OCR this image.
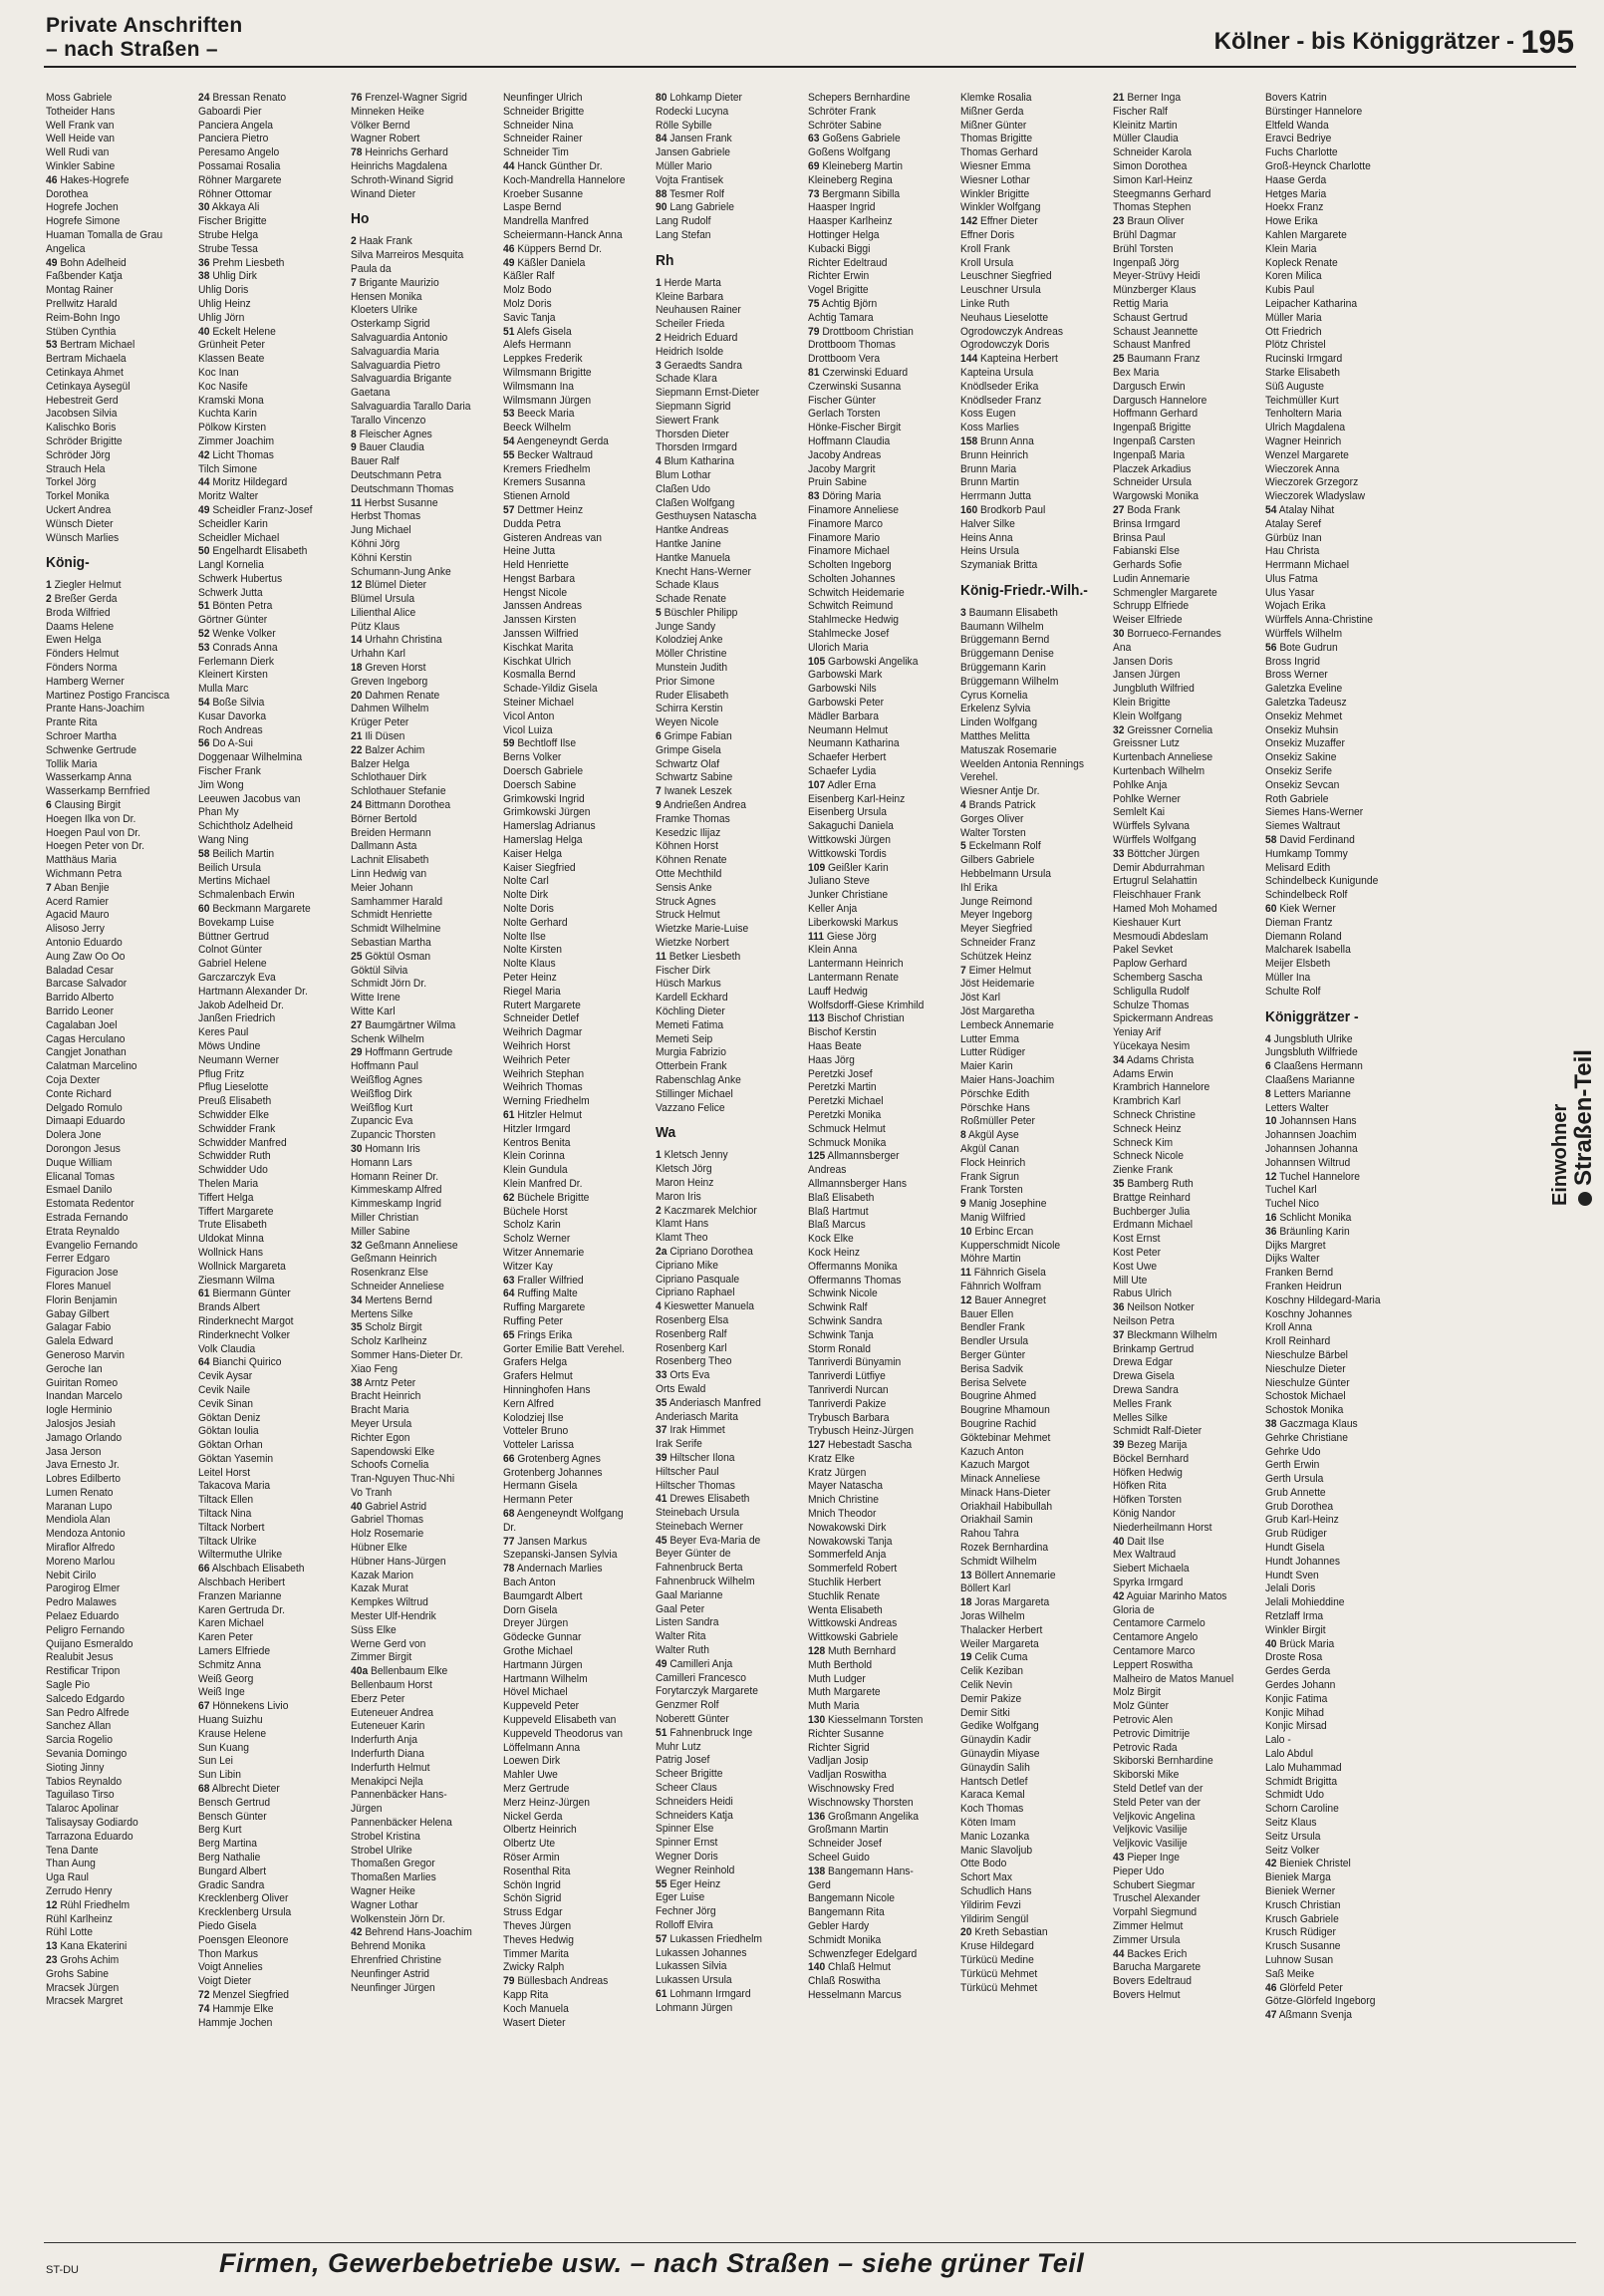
Private Anschriften
– nach Straßen –	Kölner - bis Königgrätzer - 195
Moss Gabriele
Totheider Hans
Well Frank van
Well Heide van
Well Rudi van
Winkler Sabine
46 Hakes-Hogrefe
Dorothea
Hogrefe Jochen
Hogrefe Simone
Huaman Tomalla de Grau
Angelica
49 Bohn Adelheid
Faßbender Katja
Montag Rainer
Prellwitz Harald
Reim-Bohn Ingo
Stüben Cynthia
53 Bertram Michael
Bertram Michaela
Cetinkaya Ahmet
Cetinkaya Aysegül
Hebestreit Gerd
Jacobsen Silvia
Kalischko Boris
Schröder Brigitte
Schröder Jörg
Strauch Hela
Torkel Jörg
Torkel Monika
Uckert Andrea
Wünsch Dieter
Wünsch Marlies
König-
1 Ziegler Helmut
2 Breßer Gerda
Broda Wilfried
Daams Helene
Ewen Helga
Fönders Helmut
Fönders Norma
Hamberg Werner
Martinez Postigo Francisca
Prante Hans-Joachim
Prante Rita
Schroer Martha
Schwenke Gertrude
Tollik Maria
Wasserkamp Anna
Wasserkamp Bernfried
6 Clausing Birgit
Hoegen Ilka von Dr.
Hoegen Paul von Dr.
Hoegen Peter von Dr.
Matthäus Maria
Wichmann Petra
7 Aban Benjie
Acerd Ramier
Agacid Mauro
Alisoso Jerry
Antonio Eduardo
Aung Zaw Oo Oo
Baladad Cesar
Barcase Salvador
Barrido Alberto
Barrido Leoner
Cagalaban Joel
Cagas Herculano
Cangjet Jonathan
Calatman Marcelino
Coja Dexter
Conte Richard
Delgado Romulo
Dimaapi Eduardo
Dolera Jone
Dorongon Jesus
Duque William
Elicanal Tomas
Esmael Danilo
Estomata Redentor
Estrada Fernando
Etrata Reynaldo
Evangelio Fernando
Ferrer Edgaro
Figuracion Jose
Flores Manuel
Florin Benjamin
Gabay Gilbert
Galagar Fabio
Galela Edward
Generoso Marvin
Geroche Ian
Guiritan Romeo
Inandan Marcelo
Iogle Herminio
Jalosjos Jesiah
Jamago Orlando
Jasa Jerson
Java Ernesto Jr.
Lobres Edilberto
Lumen Renato
Maranan Lupo
Mendiola Alan
Mendoza Antonio
Miraflor Alfredo
Moreno Marlou
Nebit Cirilo
Parogirog Elmer
Pedro Malawes
Pelaez Eduardo
Peligro Fernando
Quijano Esmeraldo
Realubit Jesus
Restificar Tripon
Sagle Pio
Salcedo Edgardo
San Pedro Alfrede
Sanchez Allan
Sarcia Rogelio
Sevania Domingo
Sioting Jinny
Tabios Reynaldo
Taguilaso Tirso
Talaroc Apolinar
Talisaysay Godiardo
Tarrazona Eduardo
Tena Dante
Than Aung
Uga Raul
Zerrudo Henry
12 Rühl Friedhelm
Rühl Karlheinz
Rühl Lotte
13 Kana Ekaterini
23 Grohs Achim
Grohs Sabine
Mracsek Jürgen
Mracsek Margret
24 Bressan Renato
Gaboardi Pier
Panciera Angela
Panciera Pietro
Peresamo Angelo
Possamai Rosalia
Röhner Margarete
Röhner Ottomar
30 Akkaya Ali
Fischer Brigitte
Strube Helga
Strube Tessa
36 Prehm Liesbeth
38 Uhlig Dirk
Uhlig Doris
Uhlig Heinz
Uhlig Jörn
40 Eckelt Helene
Grünheit Peter
Klassen Beate
Koc Inan
Koc Nasife
Kramski Mona
Kuchta Karin
Pölkow Kirsten
Zimmer Joachim
42 Licht Thomas
Tilch Simone
44 Moritz Hildegard
Moritz Walter
49 Scheidler Franz-Josef
Scheidler Karin
Scheidler Michael
50 Engelhardt Elisabeth
Langl Kornelia
Schwerk Hubertus
Schwerk Jutta
51 Bönten Petra
Görtner Günter
52 Wenke Volker
53 Conrads Anna
Ferlemann Dierk
Kleinert Kirsten
Mulla Marc
54 Boße Silvia
Kusar Davorka
Roch Andreas
56 Do A-Sui
Doggenaar Wilhelmina
Fischer Frank
Jim Wong
Leeuwen Jacobus van
Phan My
Schichtholz Adelheid
Wang Ning
58 Beilich Martin
Beilich Ursula
Mertins Michael
Schmalenbach Erwin
60 Beckmann Margarete
Bovekamp Luise
Büttner Gertrud
Colnot Günter
Gabriel Helene
Garczarczyk Eva
Hartmann Alexander Dr.
Jakob Adelheid Dr.
Janßen Friedrich
Keres Paul
Möws Undine
Neumann Werner
Pflug Fritz
Pflug Lieselotte
Preuß Elisabeth
Schwidder Elke
Schwidder Frank
Schwidder Manfred
Schwidder Ruth
Schwidder Udo
Thelen Maria
Tiffert Helga
Tiffert Margarete
Trute Elisabeth
Uldokat Minna
Wollnick Hans
Wollnick Margareta
Ziesmann Wilma
61 Biermann Günter
Brands Albert
Rinderknecht Margot
Rinderknecht Volker
Volk Claudia
64 Bianchi Quirico
Cevik Aysar
Cevik Naile
Cevik Sinan
Göktan Deniz
Göktan Ioulia
Göktan Orhan
Göktan Yasemin
Leitel Horst
Takacova Maria
Tiltack Ellen
Tiltack Nina
Tiltack Norbert
Tiltack Ulrike
Wiltermuthe Ulrike
66 Alschbach Elisabeth
Alschbach Heribert
Franzen Marianne
Karen Gertruda Dr.
Karen Michael
Karen Peter
Lamers Elfriede
Schmitz Anna
Weiß Georg
Weiß Inge
67 Hönnekens Livio
Huang Suizhu
Krause Helene
Sun Kuang
Sun Lei
Sun Libin
68 Albrecht Dieter
Bensch Gertrud
Bensch Günter
Berg Kurt
Berg Martina
Berg Nathalie
Bungard Albert
Gradic Sandra
Krecklenberg Oliver
Krecklenberg Ursula
Piedo Gisela
Poensgen Eleonore
Thon Markus
Voigt Annelies
Voigt Dieter
72 Menzel Siegfried
74 Hammje Elke
Hammje Jochen
76 Frenzel-Wagner Sigrid
Minneken Heike
Völker Bernd
Wagner Robert
78 Heinrichs Gerhard
Heinrichs Magdalena
Schroth-Winand Sigrid
Winand Dieter
Ho
2 Haak Frank
Silva Marreiros Mesquita
Paula da
7 Brigante Maurizio
Hensen Monika
Kloeters Ulrike
Osterkamp Sigrid
Salvaguardia Antonio
Salvaguardia Maria
Salvaguardia Pietro
Salvaguardia Brigante
Gaetana
Salvaguardia Tarallo Daria
Tarallo Vincenzo
8 Fleischer Agnes
9 Bauer Claudia
Bauer Ralf
Deutschmann Petra
Deutschmann Thomas
11 Herbst Susanne
Herbst Thomas
Jung Michael
Köhni Jörg
Köhni Kerstin
Schumann-Jung Anke
12 Blümel Dieter
Blümel Ursula
Lilienthal Alice
Pütz Klaus
14 Urhahn Christina
Urhahn Karl
18 Greven Horst
Greven Ingeborg
20 Dahmen Renate
Dahmen Wilhelm
Krüger Peter
21 Ili Düsen
22 Balzer Achim
Balzer Helga
Schlothauer Dirk
Schlothauer Stefanie
24 Bittmann Dorothea
Börner Bertold
Breiden Hermann
Dallmann Asta
Lachnit Elisabeth
Linn Hedwig van
Meier Johann
Samhammer Harald
Schmidt Henriette
Schmidt Wilhelmine
Sebastian Martha
25 Göktül Osman
Göktül Silvia
Schmidt Jörn Dr.
Witte Irene
Witte Karl
27 Baumgärtner Wilma
Schenk Wilhelm
29 Hoffmann Gertrude
Hoffmann Paul
Weißflog Agnes
Weißflog Dirk
Weißflog Kurt
Zupancic Eva
Zupancic Thorsten
30 Homann Iris
Homann Lars
Homann Reiner Dr.
Kimmeskamp Alfred
Kimmeskamp Ingrid
Miller Christian
Miller Sabine
32 Geßmann Anneliese
Geßmann Heinrich
Rosenkranz Else
Schneider Anneliese
34 Mertens Bernd
Mertens Silke
35 Scholz Birgit
Scholz Karlheinz
Sommer Hans-Dieter Dr.
Xiao Feng
38 Arntz Peter
Bracht Heinrich
Bracht Maria
Meyer Ursula
Richter Egon
Sapendowski Elke
Schoofs Cornelia
Tran-Nguyen Thuc-Nhi
Vo Tranh
40 Gabriel Astrid
Gabriel Thomas
Holz Rosemarie
Hübner Elke
Hübner Hans-Jürgen
Kazak Marion
Kazak Murat
Kempkes Wiltrud
Mester Ulf-Hendrik
Süss Elke
Werne Gerd von
Zimmer Birgit
40a Bellenbaum Elke
Bellenbaum Horst
Eberz Peter
Euteneuer Andrea
Euteneuer Karin
Inderfurth Anja
Inderfurth Diana
Inderfurth Helmut
Menakipci Nejla
Pannenbäcker Hans-
Jürgen
Pannenbäcker Helena
Strobel Kristina
Strobel Ulrike
Thomaßen Gregor
Thomaßen Marlies
Wagner Heike
Wagner Lothar
Wolkenstein Jörn Dr.
42 Behrend Hans-Joachim
Behrend Monika
Ehrenfried Christine
Neunfinger Astrid
Neunfinger Jürgen
Neunfinger Ulrich
Schneider Brigitte
Schneider Nina
Schneider Rainer
Schneider Tim
44 Hanck Günther Dr.
Koch-Mandrella Hannelore
Kroeber Susanne
Laspe Bernd
Mandrella Manfred
Scheiermann-Hanck Anna
46 Küppers Bernd Dr.
49 Käßler Daniela
Käßler Ralf
Molz Bodo
Molz Doris
Savic Tanja
51 Alefs Gisela
Alefs Hermann
Leppkes Frederik
Wilmsmann Brigitte
Wilmsmann Ina
Wilmsmann Jürgen
53 Beeck Maria
Beeck Wilhelm
54 Aengeneyndt Gerda
55 Becker Waltraud
Kremers Friedhelm
Kremers Susanna
Stienen Arnold
57 Dettmer Heinz
Dudda Petra
Gisteren Andreas van
Heine Jutta
Held Henriette
Hengst Barbara
Hengst Nicole
Janssen Andreas
Janssen Kirsten
Janssen Wilfried
Kischkat Marita
Kischkat Ulrich
Kosmalla Bernd
Schade-Yildiz Gisela
Steiner Michael
Vicol Anton
Vicol Luiza
59 Bechtloff Ilse
Berns Volker
Doersch Gabriele
Doersch Sabine
Grimkowski Ingrid
Grimkowski Jürgen
Hamerslag Adrianus
Hamerslag Helga
Kaiser Helga
Kaiser Siegfried
Nolte Carl
Nolte Dirk
Nolte Doris
Nolte Gerhard
Nolte Ilse
Nolte Kirsten
Nolte Klaus
Peter Heinz
Riegel Maria
Rutert Margarete
Schneider Detlef
Weihrich Dagmar
Weihrich Horst
Weihrich Peter
Weihrich Stephan
Weihrich Thomas
Werning Friedhelm
61 Hitzler Helmut
Hitzler Irmgard
Kentros Benita
Klein Corinna
Klein Gundula
Klein Manfred Dr.
62 Büchele Brigitte
Büchele Horst
Scholz Karin
Scholz Werner
Witzer Annemarie
Witzer Kay
63 Fraller Wilfried
64 Ruffing Malte
Ruffing Margarete
Ruffing Peter
65 Frings Erika
Gorter Emilie Batt Verehel.
Grafers Helga
Grafers Helmut
Hinninghofen Hans
Kern Alfred
Kolodziej Ilse
Votteler Bruno
Votteler Larissa
66 Grotenberg Agnes
Grotenberg Johannes
Hermann Gisela
Hermann Peter
68 Aengeneyndt Wolfgang
Dr.
77 Jansen Markus
Szepanski-Jansen Sylvia
78 Andernach Marlies
Bach Anton
Baumgardt Albert
Dorn Gisela
Dreyer Jürgen
Gödecke Gunnar
Grothe Michael
Hartmann Jürgen
Hartmann Wilhelm
Hövel Michael
Kuppeveld Peter
Kuppeveld Elisabeth van
Kuppeveld Theodorus van
Löffelmann Anna
Loewen Dirk
Mahler Uwe
Merz Gertrude
Merz Heinz-Jürgen
Nickel Gerda
Olbertz Heinrich
Olbertz Ute
Röser Armin
Rosenthal Rita
Schön Ingrid
Schön Sigrid
Struss Edgar
Theves Jürgen
Theves Hedwig
Timmer Marita
Zwicky Ralph
79 Büllesbach Andreas
Kapp Rita
Koch Manuela
Wasert Dieter
80 Lohkamp Dieter
Rodecki Lucyna
Rölle Sybille
84 Jansen Frank
Jansen Gabriele
Müller Mario
Vojta Frantisek
88 Tesmer Rolf
90 Lang Gabriele
Lang Rudolf
Lang Stefan
Rh
1 Herde Marta
Kleine Barbara
Neuhausen Rainer
Scheiler Frieda
2 Heidrich Eduard
Heidrich Isolde
3 Geraedts Sandra
Schade Klara
Siepmann Ernst-Dieter
Siepmann Sigrid
Siewert Frank
Thorsden Dieter
Thorsden Irmgard
4 Blum Katharina
Blum Lothar
Claßen Udo
Claßen Wolfgang
Gesthuysen Natascha
Hantke Andreas
Hantke Janine
Hantke Manuela
Knecht Hans-Werner
Schade Klaus
Schade Renate
5 Büschler Philipp
Junge Sandy
Kolodziej Anke
Möller Christine
Munstein Judith
Prior Simone
Ruder Elisabeth
Schirra Kerstin
Weyen Nicole
6 Grimpe Fabian
Grimpe Gisela
Schwartz Olaf
Schwartz Sabine
7 Iwanek Leszek
9 Andrießen Andrea
Framke Thomas
Kesedzic Ilijaz
Köhnen Horst
Köhnen Renate
Otte Mechthild
Sensis Anke
Struck Agnes
Struck Helmut
Wietzke Marie-Luise
Wietzke Norbert
11 Betker Liesbeth
Fischer Dirk
Hüsch Markus
Kardell Eckhard
Köchling Dieter
Memeti Fatima
Memeti Seip
Murgia Fabrizio
Otterbein Frank
Rabenschlag Anke
Stillinger Michael
Vazzano Felice
Wa
1 Kletsch Jenny
Kletsch Jörg
Maron Heinz
Maron Iris
2 Kaczmarek Melchior
Klamt Hans
Klamt Theo
2a Cipriano Dorothea
Cipriano Mike
Cipriano Pasquale
Cipriano Raphael
4 Kieswetter Manuela
Rosenberg Elsa
Rosenberg Ralf
Rosenberg Karl
Rosenberg Theo
33 Orts Eva
Orts Ewald
35 Anderiasch Manfred
Anderiasch Marita
37 Irak Himmet
Irak Serife
39 Hiltscher Ilona
Hiltscher Paul
Hiltscher Thomas
41 Drewes Elisabeth
Steinebach Ursula
Steinebach Werner
45 Beyer Eva-Maria de
Beyer Günter de
Fahnenbruck Berta
Fahnenbruck Wilhelm
Gaal Marianne
Gaal Peter
Listen Sandra
Walter Rita
Walter Ruth
49 Camilleri Anja
Camilleri Francesco
Forytarczyk Margarete
Genzmer Rolf
Noberett Günter
51 Fahnenbruck Inge
Muhr Lutz
Patrig Josef
Scheer Brigitte
Scheer Claus
Schneiders Heidi
Schneiders Katja
Spinner Else
Spinner Ernst
Wegner Doris
Wegner Reinhold
55 Eger Heinz
Eger Luise
Fechner Jörg
Rolloff Elvira
57 Lukassen Friedhelm
Lukassen Johannes
Lukassen Silvia
Lukassen Ursula
61 Lohmann Irmgard
Lohmann Jürgen
Schepers Bernhardine
Schröter Frank
Schröter Sabine
63 Goßens Gabriele
Goßens Wolfgang
69 Kleineberg Martin
Kleineberg Regina
73 Bergmann Sibilla
Haasper Ingrid
Haasper Karlheinz
Hottinger Helga
Kubacki Biggi
Richter Edeltraud
Richter Erwin
Vogel Brigitte
75 Achtig Björn
Achtig Tamara
79 Drottboom Christian
Drottboom Thomas
Drottboom Vera
81 Czerwinski Eduard
Czerwinski Susanna
Fischer Günter
Gerlach Torsten
Hönke-Fischer Birgit
Hoffmann Claudia
Jacoby Andreas
Jacoby Margrit
Pruin Sabine
83 Döring Maria
Finamore Anneliese
Finamore Marco
Finamore Mario
Finamore Michael
Scholten Ingeborg
Scholten Johannes
Schwitch Heidemarie
Schwitch Reimund
Stahlmecke Hedwig
Stahlmecke Josef
Ulorich Maria
105 Garbowski Angelika
Garbowski Mark
Garbowski Nils
Garbowski Peter
Mädler Barbara
Neumann Helmut
Neumann Katharina
Schaefer Herbert
Schaefer Lydia
107 Adler Erna
Eisenberg Karl-Heinz
Eisenberg Ursula
Sakaguchi Daniela
Wittkowski Jürgen
Wittkowski Tordis
109 Geißler Karin
Juliano Steve
Junker Christiane
Keller Anja
Liberkowski Markus
111 Giese Jörg
Klein Anna
Lantermann Heinrich
Lantermann Renate
Lauff Hedwig
Wolfsdorff-Giese Krimhild
113 Bischof Christian
Bischof Kerstin
Haas Beate
Haas Jörg
Peretzki Josef
Peretzki Martin
Peretzki Michael
Peretzki Monika
Schmuck Helmut
Schmuck Monika
125 Allmannsberger
Andreas
Allmannsberger Hans
Blaß Elisabeth
Blaß Hartmut
Blaß Marcus
Kock Elke
Kock Heinz
Offermanns Monika
Offermanns Thomas
Schwink Nicole
Schwink Ralf
Schwink Sandra
Schwink Tanja
Storm Ronald
Tanriverdi Bünyamin
Tanriverdi Lütfiye
Tanriverdi Nurcan
Tanriverdi Pakize
Trybusch Barbara
Trybusch Heinz-Jürgen
127 Hebestadt Sascha
Kratz Elke
Kratz Jürgen
Mayer Natascha
Mnich Christine
Mnich Theodor
Nowakowski Dirk
Nowakowski Tanja
Sommerfeld Anja
Sommerfeld Robert
Stuchlik Herbert
Stuchlik Renate
Wenta Elisabeth
Wittkowski Andreas
Wittkowski Gabriele
128 Muth Bernhard
Muth Berthold
Muth Ludger
Muth Margarete
Muth Maria
130 Kiesselmann Torsten
Richter Susanne
Richter Sigrid
Vadljan Josip
Vadljan Roswitha
Wischnowsky Fred
Wischnowsky Thorsten
136 Großmann Angelika
Großmann Martin
Schneider Josef
Scheel Guido
138 Bangemann Hans-
Gerd
Bangemann Nicole
Bangemann Rita
Gebler Hardy
Schmidt Monika
Schwenzfeger Edelgard
140 Chlaß Helmut
Chlaß Roswitha
Hesselmann Marcus
Klemke Rosalia
Mißner Gerda
Mißner Günter
Thomas Brigitte
Thomas Gerhard
Wiesner Emma
Wiesner Lothar
Winkler Brigitte
Winkler Wolfgang
142 Effner Dieter
Effner Doris
Kroll Frank
Kroll Ursula
Leuschner Siegfried
Leuschner Ursula
Linke Ruth
Neuhaus Lieselotte
Ogrodowczyk Andreas
Ogrodowczyk Doris
144 Kapteina Herbert
Kapteina Ursula
Knödlseder Erika
Knödlseder Franz
Koss Eugen
Koss Marlies
158 Brunn Anna
Brunn Heinrich
Brunn Maria
Brunn Martin
Herrmann Jutta
160 Brodkorb Paul
Halver Silke
Heins Anna
Heins Ursula
Szymaniak Britta
König-Friedr.-Wilh.-
3 Baumann Elisabeth
Baumann Wilhelm
Brüggemann Bernd
Brüggemann Denise
Brüggemann Karin
Brüggemann Wilhelm
Cyrus Kornelia
Erkelenz Sylvia
Linden Wolfgang
Matthes Melitta
Matuszak Rosemarie
Weelden Antonia Rennings
Verehel.
Wiesner Antje Dr.
4 Brands Patrick
Gorges Oliver
Walter Torsten
5 Eckelmann Rolf
Gilbers Gabriele
Hebbelmann Ursula
Ihl Erika
Junge Reimond
Meyer Ingeborg
Meyer Siegfried
Schneider Franz
Schützek Heinz
7 Eimer Helmut
Jöst Heidemarie
Jöst Karl
Jöst Margaretha
Lembeck Annemarie
Lutter Emma
Lutter Rüdiger
Maier Karin
Maier Hans-Joachim
Pörschke Edith
Pörschke Hans
Roßmüller Peter
8 Akgül Ayse
Akgül Canan
Flock Heinrich
Frank Sigrun
Frank Torsten
9 Manig Josephine
Manig Wilfried
10 Erbinc Ercan
Kupperschmidt Nicole
Möhre Martin
11 Fähnrich Gisela
Fähnrich Wolfram
12 Bauer Annegret
Bauer Ellen
Bendler Frank
Bendler Ursula
Berger Günter
Berisa Sadvik
Berisa Selvete
Bougrine Ahmed
Bougrine Mhamoun
Bougrine Rachid
Göktebinar Mehmet
Kazuch Anton
Kazuch Margot
Minack Anneliese
Minack Hans-Dieter
Oriakhail Habibullah
Oriakhail Samin
Rahou Tahra
Rozek Bernhardina
Schmidt Wilhelm
13 Böllert Annemarie
Böllert Karl
18 Joras Margareta
Joras Wilhelm
Thalacker Herbert
Weiler Margareta
19 Celik Cuma
Celik Keziban
Celik Nevin
Demir Pakize
Demir Sitki
Gedike Wolfgang
Günaydin Kadir
Günaydin Miyase
Günaydin Salih
Hantsch Detlef
Karaca Kemal
Koch Thomas
Köten Imam
Manic Lozanka
Manic Slavoljub
Otte Bodo
Schort Max
Schudlich Hans
Yildirim Fevzi
Yildirim Sengül
20 Kreth Sebastian
Kruse Hildegard
Türkücü Medine
Türkücü Mehmet
Türkücü Mehmet
21 Berner Inga
Fischer Ralf
Kleinitz Martin
Müller Claudia
Schneider Karola
Simon Dorothea
Simon Karl-Heinz
Steegmanns Gerhard
Thomas Stephen
23 Braun Oliver
Brühl Dagmar
Brühl Torsten
Ingenpaß Jörg
Meyer-Strüvy Heidi
Münzberger Klaus
Rettig Maria
Schaust Gertrud
Schaust Jeannette
Schaust Manfred
25 Baumann Franz
Bex Maria
Dargusch Erwin
Dargusch Hannelore
Hoffmann Gerhard
Ingenpaß Brigitte
Ingenpaß Carsten
Ingenpaß Maria
Placzek Arkadius
Schneider Ursula
Wargowski Monika
27 Boda Frank
Brinsa Irmgard
Brinsa Paul
Fabianski Else
Gerhards Sofie
Ludin Annemarie
Schmengler Margarete
Schrupp Elfriede
Weiser Elfriede
30 Borrueco-Fernandes
Ana
Jansen Doris
Jansen Jürgen
Jungbluth Wilfried
Klein Brigitte
Klein Wolfgang
32 Greissner Cornelia
Greissner Lutz
Kurtenbach Anneliese
Kurtenbach Wilhelm
Pohlke Anja
Pohlke Werner
Semlelt Kai
Würffels Sylvana
Würffels Wolfgang
33 Böttcher Jürgen
Demir Abdurrahman
Ertugrul Selahattin
Fleischhauer Frank
Hamed Moh Mohamed
Kieshauer Kurt
Mesmoudi Abdeslam
Pakel Sevket
Paplow Gerhard
Schemberg Sascha
Schligulla Rudolf
Schulze Thomas
Spickermann Andreas
Yeniay Arif
Yücekaya Nesim
34 Adams Christa
Adams Erwin
Krambrich Hannelore
Krambrich Karl
Schneck Christine
Schneck Heinz
Schneck Kim
Schneck Nicole
Zienke Frank
35 Bamberg Ruth
Brattge Reinhard
Buchberger Julia
Erdmann Michael
Kost Ernst
Kost Peter
Kost Uwe
Mill Ute
Rabus Ulrich
36 Neilson Notker
Neilson Petra
37 Bleckmann Wilhelm
Brinkamp Gertrud
Drewa Edgar
Drewa Gisela
Drewa Sandra
Melles Frank
Melles Silke
Schmidt Ralf-Dieter
39 Bezeg Marija
Böckel Bernhard
Höfken Hedwig
Höfken Rita
Höfken Torsten
König Nandor
Niederheilmann Horst
40 Dait Ilse
Mex Waltraud
Siebert Michaela
Spyrka Irmgard
42 Aguiar Marinho Matos
Gloria de
Centamore Carmelo
Centamore Angelo
Centamore Marco
Leppert Roswitha
Malheiro de Matos Manuel
Molz Birgit
Molz Günter
Petrovic Alen
Petrovic Dimitrije
Petrovic Rada
Skiborski Bernhardine
Skiborski Mike
Steld Detlef van der
Steld Peter van der
Veljkovic Angelina
Veljkovic Vasilije
Veljkovic Vasilije
43 Pieper Inge
Pieper Udo
Schubert Siegmar
Truschel Alexander
Vorpahl Siegmund
Zimmer Helmut
Zimmer Ursula
44 Backes Erich
Barucha Margarete
Bovers Edeltraud
Bovers Helmut
Bovers Katrin
Bürstinger Hannelore
Eltfeld Wanda
Eravci Bedriye
Fuchs Charlotte
Groß-Heynck Charlotte
Haase Gerda
Hetges Maria
Hoekx Franz
Howe Erika
Kahlen Margarete
Klein Maria
Kopleck Renate
Koren Milica
Kubis Paul
Leipacher Katharina
Müller Maria
Ott Friedrich
Plötz Christel
Rucinski Irmgard
Starke Elisabeth
Süß Auguste
Teichmüller Kurt
Tenholtern Maria
Ulrich Magdalena
Wagner Heinrich
Wenzel Margarete
Wieczorek Anna
Wieczorek Grzegorz
Wieczorek Wladyslaw
54 Atalay Nihat
Atalay Seref
Gürbüz Inan
Hau Christa
Herrmann Michael
Ulus Fatma
Ulus Yasar
Wojach Erika
Würffels Anna-Christine
Würffels Wilhelm
56 Bote Gudrun
Bross Ingrid
Bross Werner
Galetzka Eveline
Galetzka Tadeusz
Onsekiz Mehmet
Onsekiz Muhsin
Onsekiz Muzaffer
Onsekiz Sakine
Onsekiz Serife
Onsekiz Sevcan
Roth Gabriele
Siemes Hans-Werner
Siemes Waltraut
58 David Ferdinand
Humkamp Tommy
Melisard Edith
Schindelbeck Kunigunde
Schindelbeck Rolf
60 Kiek Werner
Dieman Frantz
Diemann Roland
Malcharek Isabella
Meijer Elsbeth
Müller Ina
Schulte Rolf
Königgrätzer -
4 Jungsbluth Ulrike
Jungsbluth Wilfriede
6 Claaßens Hermann
Claaßens Marianne
8 Letters Marianne
Letters Walter
10 Johannsen Hans
Johannsen Joachim
Johannsen Johanna
Johannsen Wiltrud
12 Tuchel Hannelore
Tuchel Karl
Tuchel Nico
16 Schlicht Monika
36 Bräunling Karin
Dijks Margret
Dijks Walter
Franken Bernd
Franken Heidrun
Koschny Hildegard-Maria
Koschny Johannes
Kroll Anna
Kroll Reinhard
Nieschulze Bärbel
Nieschulze Dieter
Nieschulze Günter
Schostok Michael
Schostok Monika
38 Gaczmaga Klaus
Gehrke Christiane
Gehrke Udo
Gerth Erwin
Gerth Ursula
Grub Annette
Grub Dorothea
Grub Karl-Heinz
Grub Rüdiger
Hundt Gisela
Hundt Johannes
Hundt Sven
Jelali Doris
Jelali Mohieddine
Retzlaff Irma
Winkler Birgit
40 Brück Maria
Droste Rosa
Gerdes Gerda
Gerdes Johann
Konjic Fatima
Konjic Mihad
Konjic Mirsad
Lalo -
Lalo Abdul
Lalo Muhammad
Schmidt Brigitta
Schmidt Udo
Schorn Caroline
Seitz Klaus
Seitz Ursula
Seitz Volker
42 Bieniek Christel
Bieniek Marga
Bieniek Werner
Krusch Christian
Krusch Gabriele
Krusch Rüdiger
Krusch Susanne
Luhnow Susan
Saß Meike
46 Glörfeld Peter
Götze-Glörfeld Ingeborg
47 Aßmann Svenja
Einwohner Straßen-Teil
ST-DU	Firmen, Gewerbebetriebe usw. – nach Straßen – siehe grüner Teil
